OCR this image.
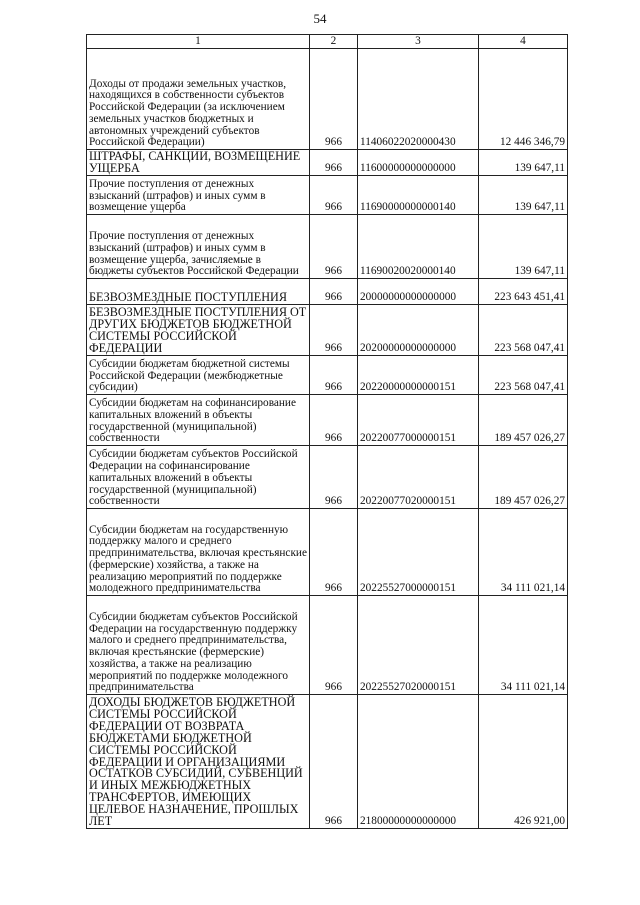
54
1	2	3	4
Доходы от продажи земельных участков, находящихся в собственности субъектов Российской Федерации (за исключением земельных участков бюджетных и автономных учреждений субъектов Российской Федерации)	966	11406022020000430	12 446 346,79
ШТРАФЫ, САНКЦИИ, ВОЗМЕЩЕНИЕ УЩЕРБА	966	11600000000000000	139 647,11
Прочие поступления от денежных взысканий (штрафов) и иных сумм в возмещение ущерба	966	11690000000000140	139 647,11
Прочие поступления от денежных взысканий (штрафов) и иных сумм в возмещение ущерба, зачисляемые в бюджеты субъектов Российской Федерации	966	11690020020000140	139 647,11
БЕЗВОЗМЕЗДНЫЕ ПОСТУПЛЕНИЯ	966	20000000000000000	223 643 451,41
БЕЗВОЗМЕЗДНЫЕ ПОСТУПЛЕНИЯ ОТ ДРУГИХ БЮДЖЕТОВ БЮДЖЕТНОЙ СИСТЕМЫ РОССИЙСКОЙ ФЕДЕРАЦИИ	966	20200000000000000	223 568 047,41
Субсидии бюджетам бюджетной системы Российской Федерации (межбюджетные субсидии)	966	20220000000000151	223 568 047,41
Субсидии бюджетам на софинансирование капитальных вложений в объекты государственной (муниципальной) собственности	966	20220077000000151	189 457 026,27
Субсидии бюджетам субъектов Российской Федерации на софинансирование капитальных вложений в объекты государственной (муниципальной) собственности	966	20220077020000151	189 457 026,27
Субсидии бюджетам на государственную поддержку малого и среднего предпринимательства, включая крестьянские (фермерские) хозяйства, а также на реализацию мероприятий по поддержке молодежного предпринимательства	966	20225527000000151	34 111 021,14
Субсидии бюджетам субъектов Российской Федерации на государственную поддержку малого и среднего предпринимательства, включая крестьянские (фермерские) хозяйства, а также на реализацию мероприятий по поддержке молодежного предпринимательства	966	20225527020000151	34 111 021,14
ДОХОДЫ БЮДЖЕТОВ БЮДЖЕТНОЙ СИСТЕМЫ РОССИЙСКОЙ ФЕДЕРАЦИИ ОТ ВОЗВРАТА БЮДЖЕТАМИ БЮДЖЕТНОЙ СИСТЕМЫ РОССИЙСКОЙ ФЕДЕРАЦИИ И ОРГАНИЗАЦИЯМИ ОСТАТКОВ СУБСИДИЙ, СУБВЕНЦИЙ И ИНЫХ МЕЖБЮДЖЕТНЫХ ТРАНСФЕРТОВ, ИМЕЮЩИХ ЦЕЛЕВОЕ НАЗНАЧЕНИЕ, ПРОШЛЫХ ЛЕТ	966	21800000000000000	426 921,00
